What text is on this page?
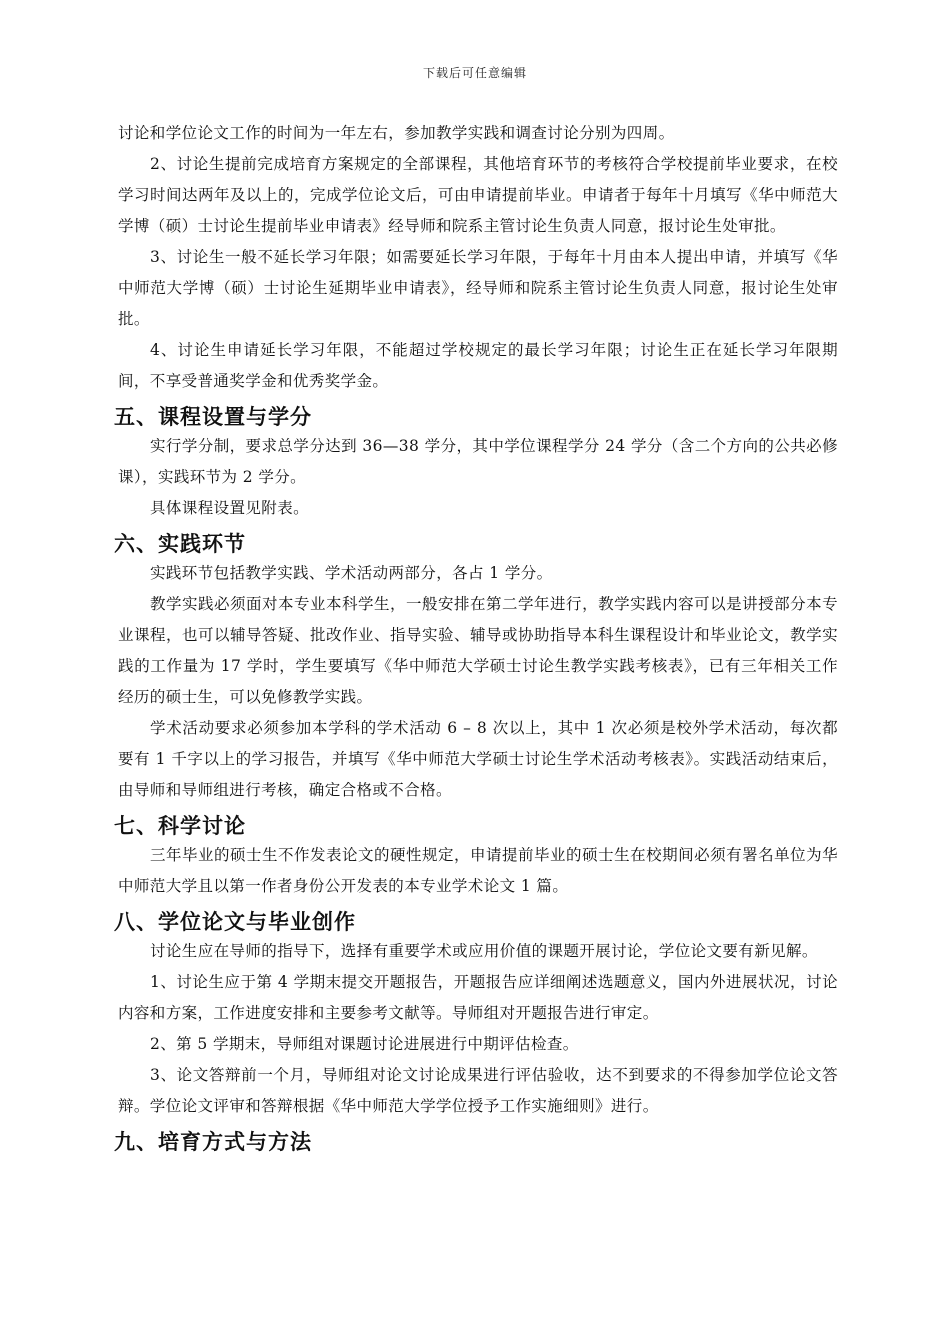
下载后可任意编辑
讨论和学位论文工作的时间为一年左右，参加教学实践和调查讨论分别为四周。
2、讨论生提前完成培育方案规定的全部课程，其他培育环节的考核符合学校提前毕业要求，在校学习时间达两年及以上的，完成学位论文后，可由申请提前毕业。申请者于每年十月填写《华中师范大学博（硕）士讨论生提前毕业申请表》经导师和院系主管讨论生负责人同意，报讨论生处审批。
3、讨论生一般不延长学习年限；如需要延长学习年限，于每年十月由本人提出申请，并填写《华中师范大学博（硕）士讨论生延期毕业申请表》，经导师和院系主管讨论生负责人同意，报讨论生处审批。
4、讨论生申请延长学习年限，不能超过学校规定的最长学习年限；讨论生正在延长学习年限期间，不享受普通奖学金和优秀奖学金。
五、课程设置与学分
实行学分制，要求总学分达到 36—38 学分，其中学位课程学分 24 学分（含二个方向的公共必修课），实践环节为 2 学分。
具体课程设置见附表。
六、实践环节
实践环节包括教学实践、学术活动两部分，各占 1 学分。
教学实践必须面对本专业本科学生，一般安排在第二学年进行，教学实践内容可以是讲授部分本专业课程，也可以辅导答疑、批改作业、指导实验、辅导或协助指导本科生课程设计和毕业论文，教学实践的工作量为 17 学时，学生要填写《华中师范大学硕士讨论生教学实践考核表》，已有三年相关工作经历的硕士生，可以免修教学实践。
学术活动要求必须参加本学科的学术活动 6 – 8 次以上，其中 1 次必须是校外学术活动，每次都要有 1 千字以上的学习报告，并填写《华中师范大学硕士讨论生学术活动考核表》。实践活动结束后，由导师和导师组进行考核，确定合格或不合格。
七、科学讨论
三年毕业的硕士生不作发表论文的硬性规定，申请提前毕业的硕士生在校期间必须有署名单位为华中师范大学且以第一作者身份公开发表的本专业学术论文 1 篇。
八、学位论文与毕业创作
讨论生应在导师的指导下，选择有重要学术或应用价值的课题开展讨论，学位论文要有新见解。
1、讨论生应于第 4 学期末提交开题报告，开题报告应详细阐述选题意义，国内外进展状况，讨论内容和方案，工作进度安排和主要参考文献等。导师组对开题报告进行审定。
2、第 5 学期末，导师组对课题讨论进展进行中期评估检查。
3、论文答辩前一个月，导师组对论文讨论成果进行评估验收，达不到要求的不得参加学位论文答辩。学位论文评审和答辩根据《华中师范大学学位授予工作实施细则》进行。
九、培育方式与方法
